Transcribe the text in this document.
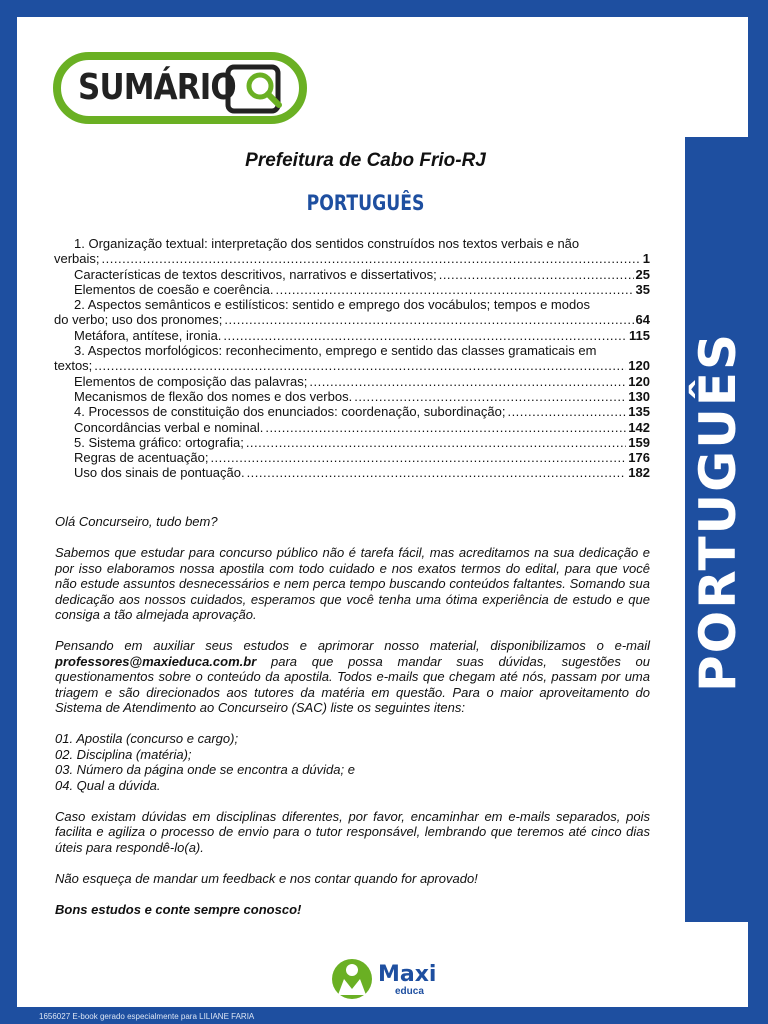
PORTUGUÊS
SUMÁRIO
Prefeitura de Cabo Frio-RJ
PORTUGUÊS
1. Organização textual: interpretação dos sentidos construídos nos textos verbais e não
verbais; .....	1
Características de textos descritivos, narrativos e dissertativos; .....	25
Elementos de coesão e coerência. .....	35
2. Aspectos semânticos e estilísticos: sentido e emprego dos vocábulos; tempos e modos
do verbo; uso dos pronomes; .....	64
Metáfora, antítese, ironia. .....	115
3. Aspectos morfológicos: reconhecimento, emprego e sentido das classes gramaticais em
textos; .....	120
Elementos de composição das palavras; .....	120
Mecanismos de flexão dos nomes e dos verbos. .....	130
4. Processos de constituição dos enunciados: coordenação, subordinação; .....	135
Concordâncias verbal e nominal. .....	142
5. Sistema gráfico: ortografia; .....	159
Regras de acentuação; .....	176
Uso dos sinais de pontuação. .....	182

Olá Concurseiro, tudo bem?

Sabemos que estudar para concurso público não é tarefa fácil, mas acreditamos na sua dedicação e por isso elaboramos nossa apostila com todo cuidado e nos exatos termos do edital, para que você não estude assuntos desnecessários e nem perca tempo buscando conteúdos faltantes. Somando sua dedicação aos nossos cuidados, esperamos que você tenha uma ótima experiência de estudo e que consiga a tão almejada aprovação.

Pensando em auxiliar seus estudos e aprimorar nosso material, disponibilizamos o e-mail professores@maxieduca.com.br para que possa mandar suas dúvidas, sugestões ou questionamentos sobre o conteúdo da apostila. Todos e-mails que chegam até nós, passam por uma triagem e são direcionados aos tutores da matéria em questão. Para o maior aproveitamento do Sistema de Atendimento ao Concurseiro (SAC) liste os seguintes itens:

01. Apostila (concurso e cargo);
02. Disciplina (matéria);
03. Número da página onde se encontra a dúvida; e
04. Qual a dúvida.

Caso existam dúvidas em disciplinas diferentes, por favor, encaminhar em e-mails separados, pois facilita e agiliza o processo de envio para o tutor responsável, lembrando que teremos até cinco dias úteis para respondê-lo(a).

Não esqueça de mandar um feedback e nos contar quando for aprovado!

Bons estudos e conte sempre conosco!

Maxi
educa
1656027 E-book gerado especialmente para LILIANE FARIA
